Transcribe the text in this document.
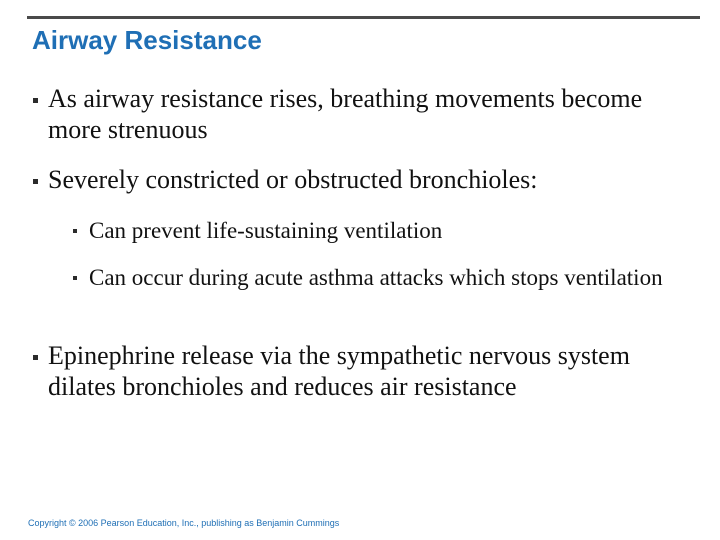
Airway Resistance
As airway resistance rises, breathing movements become more strenuous
Severely constricted or obstructed bronchioles:
Can prevent life-sustaining ventilation
Can occur during acute asthma attacks which stops ventilation
Epinephrine release via the sympathetic nervous system dilates bronchioles and reduces air resistance
Copyright © 2006 Pearson Education, Inc., publishing as Benjamin Cummings
